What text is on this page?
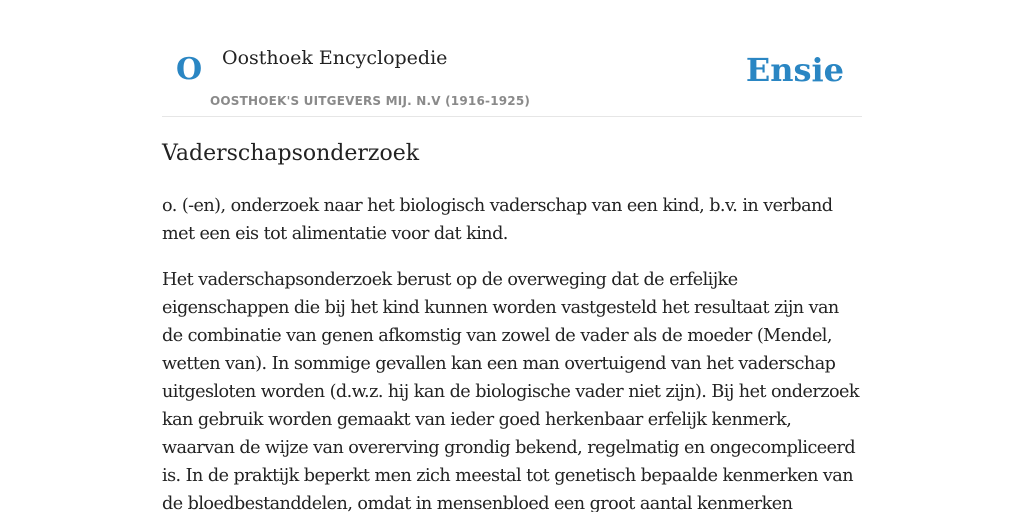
O Oosthoek Encyclopedie
OOSTHOEK'S UITGEVERS MIJ. N.V (1916-1925)
Ensie
Vaderschapsonderzoek

o. (-en), onderzoek naar het biologisch vaderschap van een kind, b.v. in verband met een eis tot alimentatie voor dat kind.

Het vaderschapsonderzoek berust op de overweging dat de erfelijke eigenschappen die bij het kind kunnen worden vastgesteld het resultaat zijn van de combinatie van genen afkomstig van zowel de vader als de moeder (Mendel, wetten van). In sommige gevallen kan een man overtuigend van het vaderschap uitgesloten worden (d.w.z. hij kan de biologische vader niet zijn). Bij het onderzoek kan gebruik worden gemaakt van ieder goed herkenbaar erfelijk kenmerk, waarvan de wijze van overerving grondig bekend, regelmatig en ongecompliceerd is. In de praktijk beperkt men zich meestal tot genetisch bepaalde kenmerken van de bloedbestanddelen, omdat in mensenbloed een groot aantal kenmerken
